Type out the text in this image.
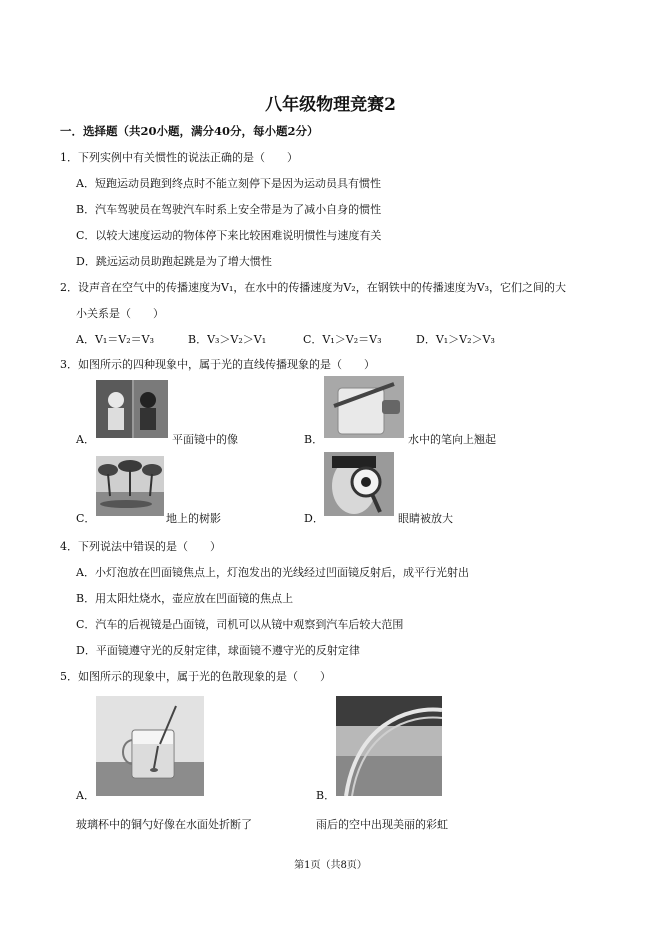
八年级物理竞赛2
一．选择题（共20小题，满分40分，每小题2分）
1．下列实例中有关惯性的说法正确的是（　　）
A．短跑运动员跑到终点时不能立刻停下是因为运动员具有惯性
B．汽车驾驶员在驾驶汽车时系上安全带是为了减小自身的惯性
C．以较大速度运动的物体停下来比较困难说明惯性与速度有关
D．跳远运动员助跑起跳是为了增大惯性
2．设声音在空气中的传播速度为V₁，在水中的传播速度为V₂，在钢铁中的传播速度为V₃，它们之间的大
小关系是（　　）
A．V₁＝V₂＝V₃	B．V₃＞V₂＞V₁	C．V₁＞V₂＝V₃	D．V₁＞V₂＞V₃
3．如图所示的四种现象中，属于光的直线传播现象的是（　　）
A．	平面镜中的像	B．	水中的笔向上翘起
C．	地上的树影	D．	眼睛被放大
4．下列说法中错误的是（　　）
A．小灯泡放在凹面镜焦点上，灯泡发出的光线经过凹面镜反射后，成平行光射出
B．用太阳灶烧水，壶应放在凹面镜的焦点上
C．汽车的后视镜是凸面镜，司机可以从镜中观察到汽车后较大范围
D．平面镜遵守光的反射定律，球面镜不遵守光的反射定律
5．如图所示的现象中，属于光的色散现象的是（　　）
A．	B．
玻璃杯中的铜勺好像在水面处折断了	雨后的空中出现美丽的彩虹
第1页（共8页）
